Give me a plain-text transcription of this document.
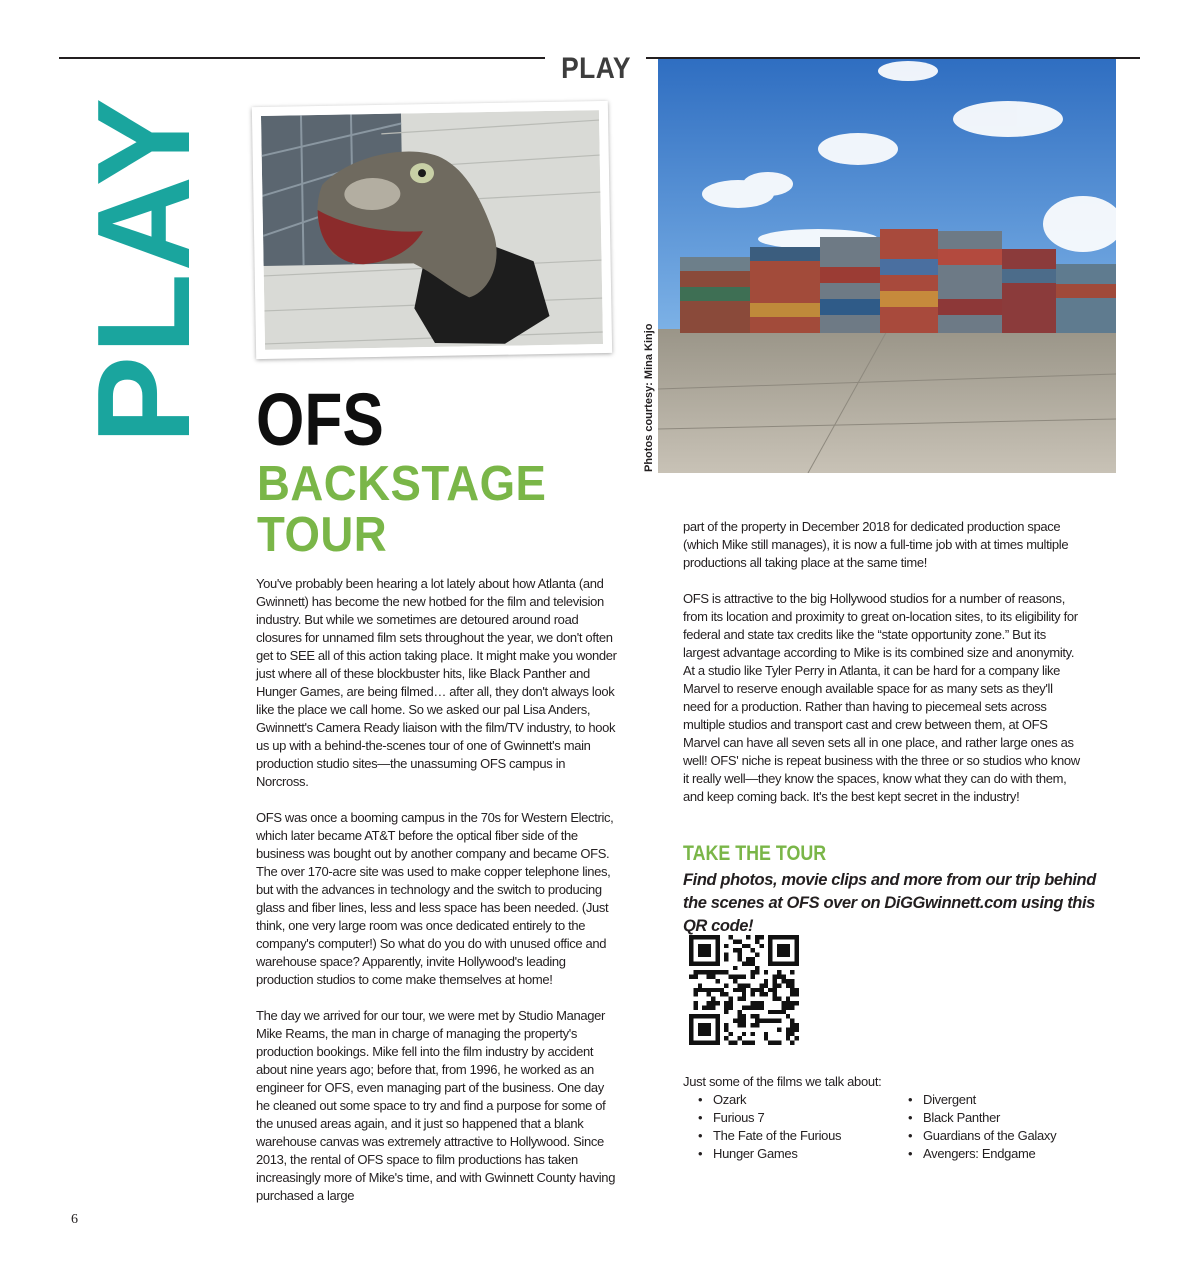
PLAY
PLAY	Photos courtesy: Mina Kinjo
OFS
BACKSTAGE
TOUR

You've probably been hearing a lot lately about how Atlanta (and Gwinnett) has become the new hotbed for the film and television industry. But while we sometimes are detoured around road closures for unnamed film sets throughout the year, we don't often get to SEE all of this action taking place. It might make you wonder just where all of these blockbuster hits, like Black Panther and Hunger Games, are being filmed… after all, they don't always look like the place we call home. So we asked our pal Lisa Anders, Gwinnett's Camera Ready liaison with the film/TV industry, to hook us up with a behind-the-scenes tour of one of Gwinnett's main production studio sites—the unassuming OFS campus in Norcross.

OFS was once a booming campus in the 70s for Western Electric, which later became AT&T before the optical fiber side of the business was bought out by another company and became OFS. The over 170-acre site was used to make copper telephone lines, but with the advances in technology and the switch to producing glass and fiber lines, less and less space has been needed. (Just think, one very large room was once dedicated entirely to the company's computer!) So what do you do with unused office and warehouse space? Apparently, invite Hollywood's leading production studios to come make themselves at home!

The day we arrived for our tour, we were met by Studio Manager Mike Reams, the man in charge of managing the property's production bookings. Mike fell into the film industry by accident about nine years ago; before that, from 1996, he worked as an engineer for OFS, even managing part of the business. One day he cleaned out some space to try and find a purpose for some of the unused areas again, and it just so happened that a blank warehouse canvas was extremely attractive to Hollywood. Since 2013, the rental of OFS space to film productions has taken increasingly more of Mike's time, and with Gwinnett County having purchased a large

part of the property in December 2018 for dedicated production space (which Mike still manages), it is now a full-time job with at times multiple productions all taking place at the same time!

OFS is attractive to the big Hollywood studios for a number of reasons, from its location and proximity to great on-location sites, to its eligibility for federal and state tax credits like the “state opportunity zone.” But its largest advantage according to Mike is its combined size and anonymity. At a studio like Tyler Perry in Atlanta, it can be hard for a company like Marvel to reserve enough available space for as many sets as they'll need for a production. Rather than having to piecemeal sets across multiple studios and transport cast and crew between them, at OFS Marvel can have all seven sets all in one place, and rather large ones as well! OFS' niche is repeat business with the three or so studios who know it really well—they know the spaces, know what they can do with them, and keep coming back. It's the best kept secret in the industry!

TAKE THE TOUR
Find photos, movie clips and more from our trip behind the scenes at OFS over on DiGGwinnett.com using this QR code!
Just some of the films we talk about:
• Ozark
• Furious 7
• The Fate of the Furious
• Hunger Games
• Divergent
• Black Panther
• Guardians of the Galaxy
• Avengers: Endgame
6
